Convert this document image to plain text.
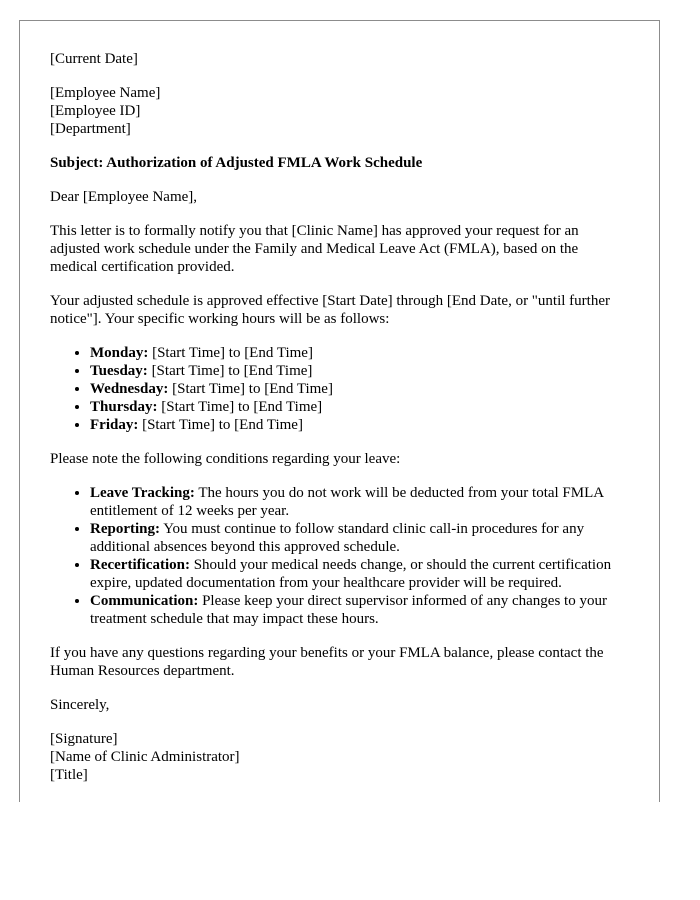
[Current Date]

[Employee Name]
[Employee ID]
[Department]

Subject: Authorization of Adjusted FMLA Work Schedule

Dear [Employee Name],

This letter is to formally notify you that [Clinic Name] has approved your request for an adjusted work schedule under the Family and Medical Leave Act (FMLA), based on the medical certification provided.

Your adjusted schedule is approved effective [Start Date] through [End Date, or "until further notice"]. Your specific working hours will be as follows:

• Monday: [Start Time] to [End Time]
• Tuesday: [Start Time] to [End Time]
• Wednesday: [Start Time] to [End Time]
• Thursday: [Start Time] to [End Time]
• Friday: [Start Time] to [End Time]

Please note the following conditions regarding your leave:

• Leave Tracking: The hours you do not work will be deducted from your total FMLA entitlement of 12 weeks per year.
• Reporting: You must continue to follow standard clinic call-in procedures for any additional absences beyond this approved schedule.
• Recertification: Should your medical needs change, or should the current certification expire, updated documentation from your healthcare provider will be required.
• Communication: Please keep your direct supervisor informed of any changes to your treatment schedule that may impact these hours.

If you have any questions regarding your benefits or your FMLA balance, please contact the Human Resources department.

Sincerely,

[Signature]
[Name of Clinic Administrator]
[Title]
